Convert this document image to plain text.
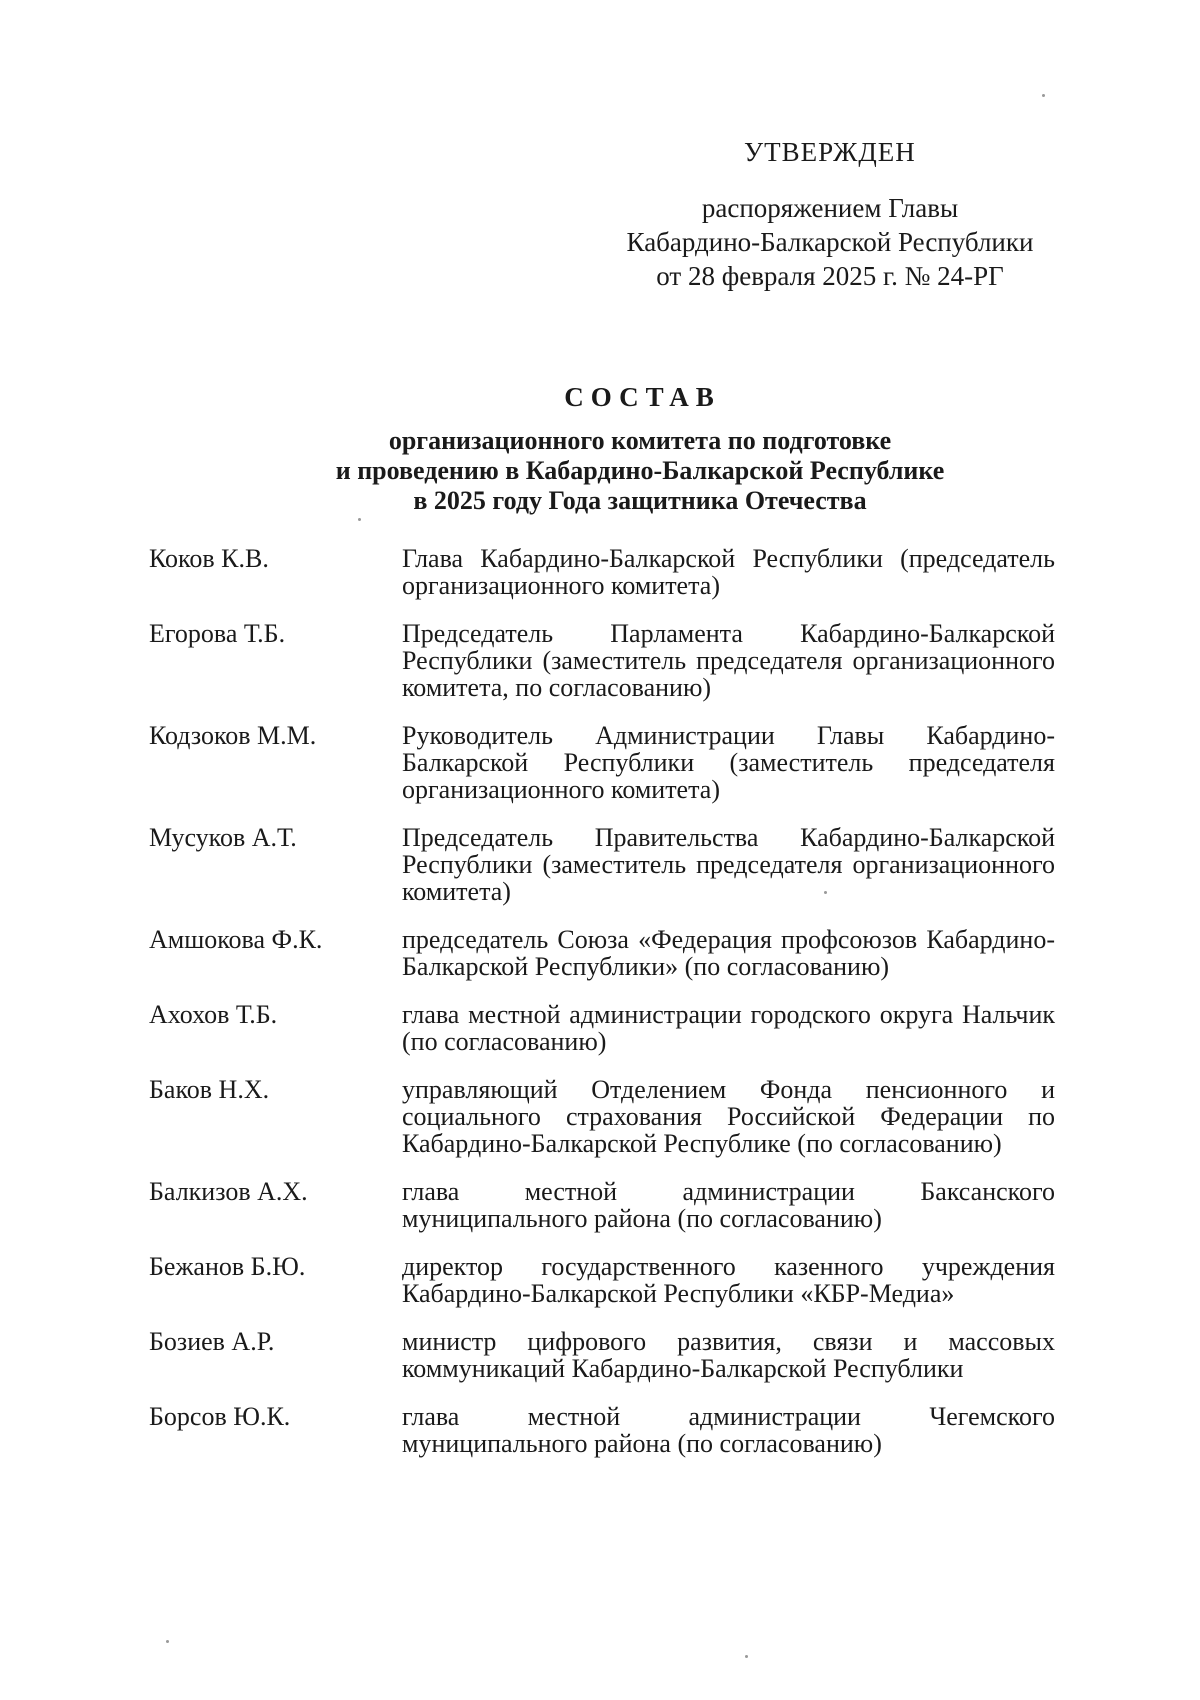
УТВЕРЖДЕН
распоряжением Главы
Кабардино-Балкарской Республики
от 28 февраля 2025 г. № 24-РГ
СОСТАВ
организационного комитета по подготовке
и проведению в Кабардино-Балкарской Республике
в 2025 году Года защитника Отечества
Коков К.В.	Глава Кабардино-Балкарской Республики (председатель организационного комитета)
Егорова Т.Б.	Председатель Парламента Кабардино-Балкарской Республики (заместитель председателя организационного комитета, по согласованию)
Кодзоков М.М.	Руководитель Администрации Главы Кабардино-Балкарской Республики (заместитель председателя организационного комитета)
Мусуков А.Т.	Председатель Правительства Кабардино-Балкарской Республики (заместитель председателя организационного комитета)
Амшокова Ф.К.	председатель Союза «Федерация профсоюзов Кабардино-Балкарской Республики» (по согласованию)
Ахохов Т.Б.	глава местной администрации городского округа Нальчик (по согласованию)
Баков Н.Х.	управляющий Отделением Фонда пенсионного и социального страхования Российской Федерации по Кабардино-Балкарской Республике (по согласованию)
Балкизов А.Х.	глава местной администрации Баксанского муниципального района (по согласованию)
Бежанов Б.Ю.	директор государственного казенного учреждения Кабардино-Балкарской Республики «КБР-Медиа»
Бозиев А.Р.	министр цифрового развития, связи и массовых коммуникаций Кабардино-Балкарской Республики
Борсов Ю.К.	глава местной администрации Чегемского муниципального района (по согласованию)
